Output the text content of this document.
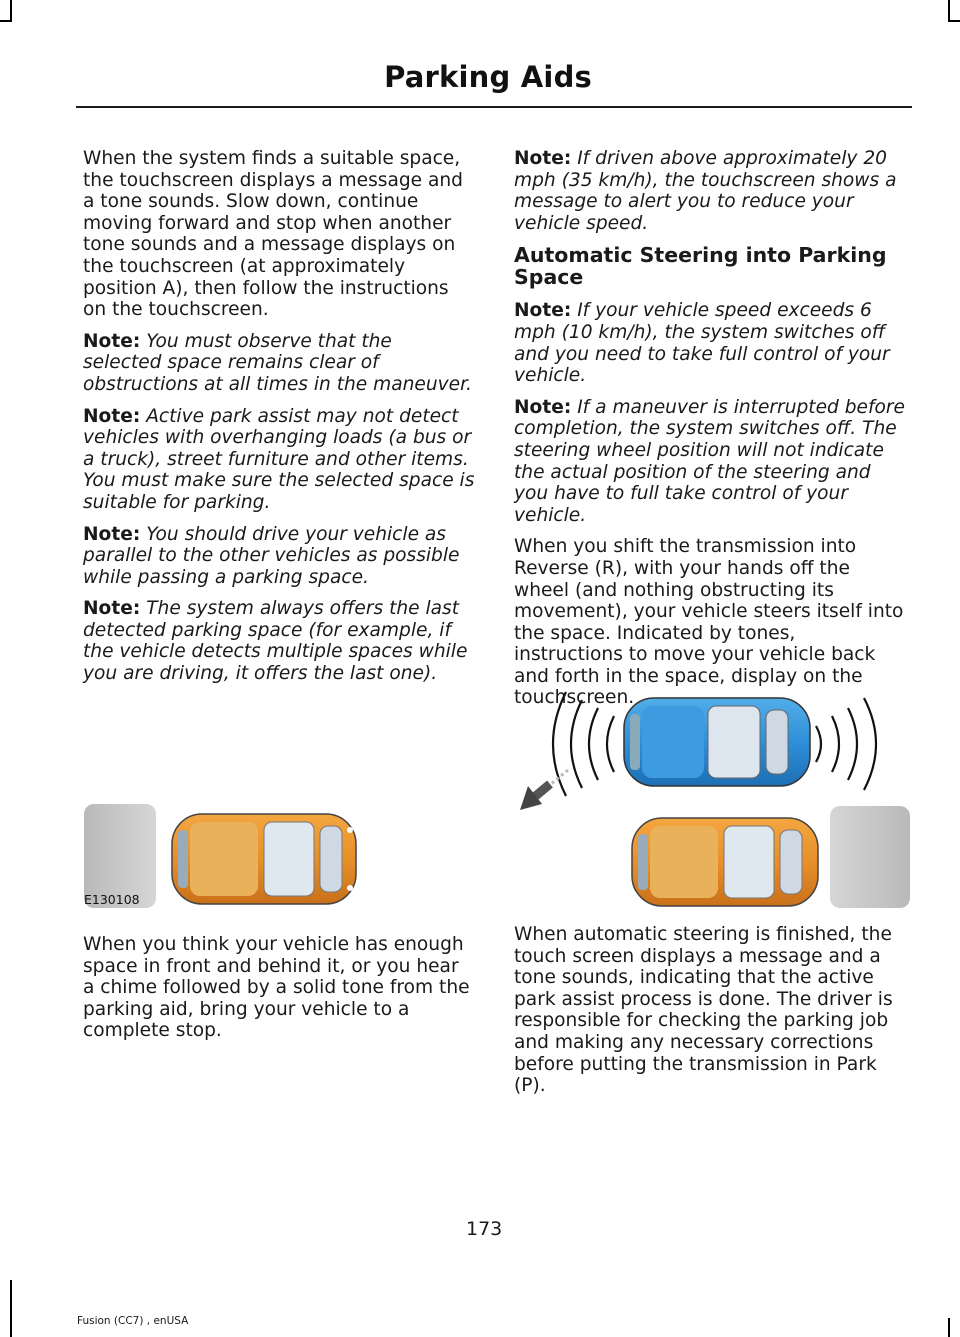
Parking Aids

When the system finds a suitable space, the touchscreen displays a message and a tone sounds. Slow down, continue moving forward and stop when another tone sounds and a message displays on the touchscreen (at approximately position A), then follow the instructions on the touchscreen.

Note: You must observe that the selected space remains clear of obstructions at all times in the maneuver.

Note: Active park assist may not detect vehicles with overhanging loads (a bus or a truck), street furniture and other items. You must make sure the selected space is suitable for parking.

Note: You should drive your vehicle as parallel to the other vehicles as possible while passing a parking space.

Note: The system always offers the last detected parking space (for example, if the vehicle detects multiple spaces while you are driving, it offers the last one).

E130108

When you think your vehicle has enough space in front and behind it, or you hear a chime followed by a solid tone from the parking aid, bring your vehicle to a complete stop.

Note: If driven above approximately 20 mph (35 km/h), the touchscreen shows a message to alert you to reduce your vehicle speed.

Automatic Steering into Parking Space

Note: If your vehicle speed exceeds 6 mph (10 km/h), the system switches off and you need to take full control of your vehicle.

Note: If a maneuver is interrupted before completion, the system switches off. The steering wheel position will not indicate the actual position of the steering and you have to full take control of your vehicle.

When you shift the transmission into Reverse (R), with your hands off the wheel (and nothing obstructing its movement), your vehicle steers itself into the space. Indicated by tones, instructions to move your vehicle back and forth in the space, display on the touchscreen.

When automatic steering is finished, the touch screen displays a message and a tone sounds, indicating that the active park assist process is done. The driver is responsible for checking the parking job and making any necessary corrections before putting the transmission in Park (P).

173
Fusion (CC7) , enUSA
